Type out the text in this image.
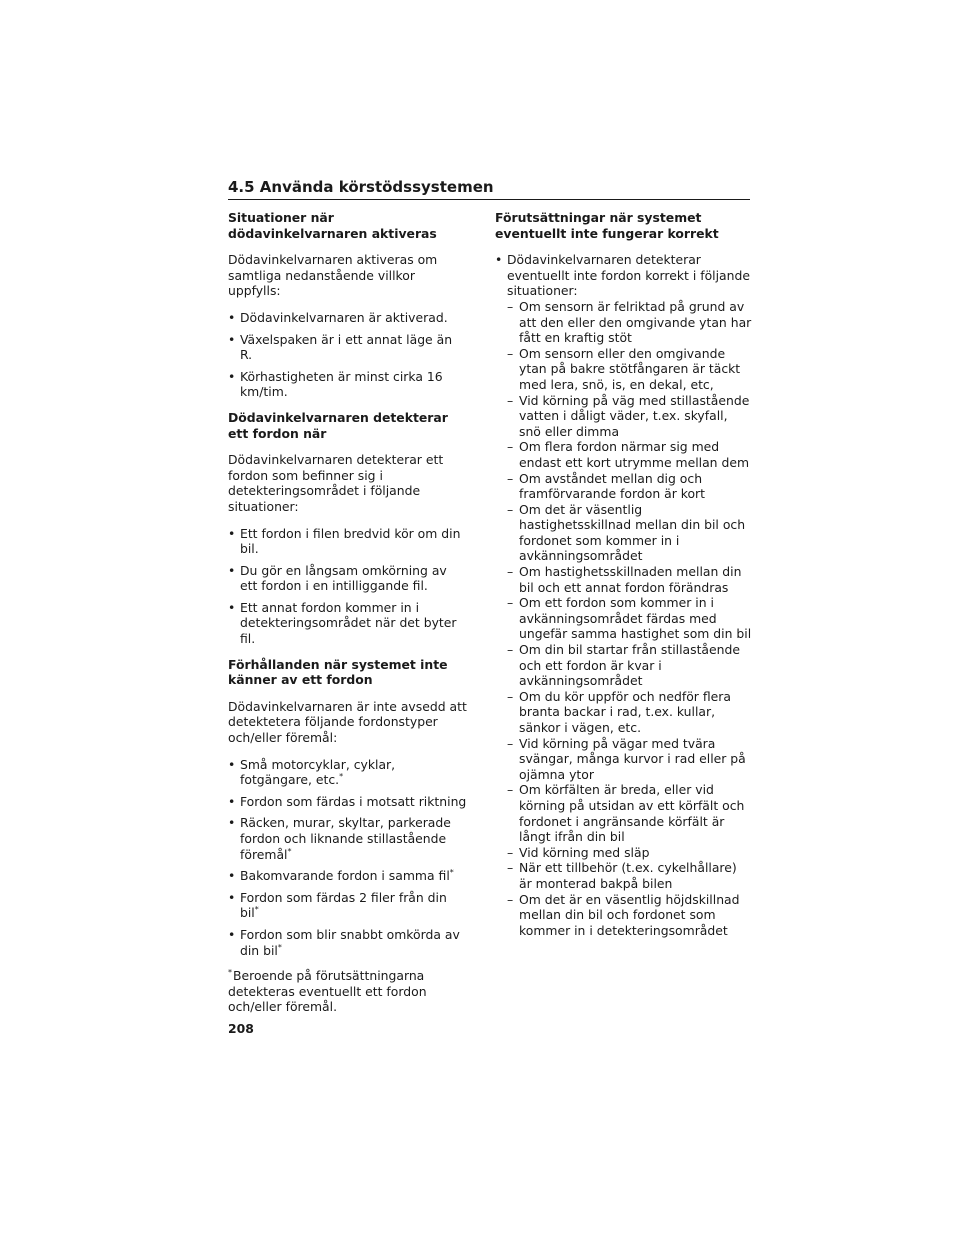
4.5 Använda körstödssystemen
Situationer när dödavinkelvarnaren aktiveras

Dödavinkelvarnaren aktiveras om samtliga nedanstående villkor uppfylls:

• Dödavinkelvarnaren är aktiverad.
• Växelspaken är i ett annat läge än R.
• Körhastigheten är minst cirka 16 km/tim.
Dödavinkelvarnaren detekterar ett fordon när

Dödavinkelvarnaren detekterar ett fordon som befinner sig i detekteringsområdet i följande situationer:

• Ett fordon i filen bredvid kör om din bil.
• Du gör en långsam omkörning av ett fordon i en intilliggande fil.
• Ett annat fordon kommer in i detekteringsområdet när det byter fil.
Förhållanden när systemet inte känner av ett fordon

Dödavinkelvarnaren är inte avsedd att detektetera följande fordonstyper och/eller föremål:

• Små motorcyklar, cyklar, fotgängare, etc.*
• Fordon som färdas i motsatt riktning
• Räcken, murar, skyltar, parkerade fordon och liknande stillastående föremål*
• Bakomvarande fordon i samma fil*
• Fordon som färdas 2 filer från din bil*
• Fordon som blir snabbt omkörda av din bil*

*Beroende på förutsättningarna detekteras eventuellt ett fordon och/eller föremål.

Förutsättningar när systemet eventuellt inte fungerar korrekt
• Dödavinkelvarnaren detekterar eventuellt inte fordon korrekt i följande situationer:
– Om sensorn är felriktad på grund av att den eller den omgivande ytan har fått en kraftig stöt
– Om sensorn eller den omgivande ytan på bakre stötfångaren är täckt med lera, snö, is, en dekal, etc,
– Vid körning på väg med stillastående vatten i dåligt väder, t.ex. skyfall, snö eller dimma
– Om flera fordon närmar sig med endast ett kort utrymme mellan dem
– Om avståndet mellan dig och framförvarande fordon är kort
– Om det är väsentlig hastighetsskillnad mellan din bil och fordonet som kommer in i avkänningsområdet
– Om hastighetsskillnaden mellan din bil och ett annat fordon förändras
– Om ett fordon som kommer in i avkänningsområdet färdas med ungefär samma hastighet som din bil
– Om din bil startar från stillastående och ett fordon är kvar i avkänningsområdet
– Om du kör uppför och nedför flera branta backar i rad, t.ex. kullar, sänkor i vägen, etc.
– Vid körning på vägar med tvära svängar, många kurvor i rad eller på ojämna ytor
– Om körfälten är breda, eller vid körning på utsidan av ett körfält och fordonet i angränsande körfält är långt ifrån din bil
– Vid körning med släp
– När ett tillbehör (t.ex. cykelhållare) är monterad bakpå bilen
– Om det är en väsentlig höjdskillnad mellan din bil och fordonet som kommer in i detekteringsområdet
208
